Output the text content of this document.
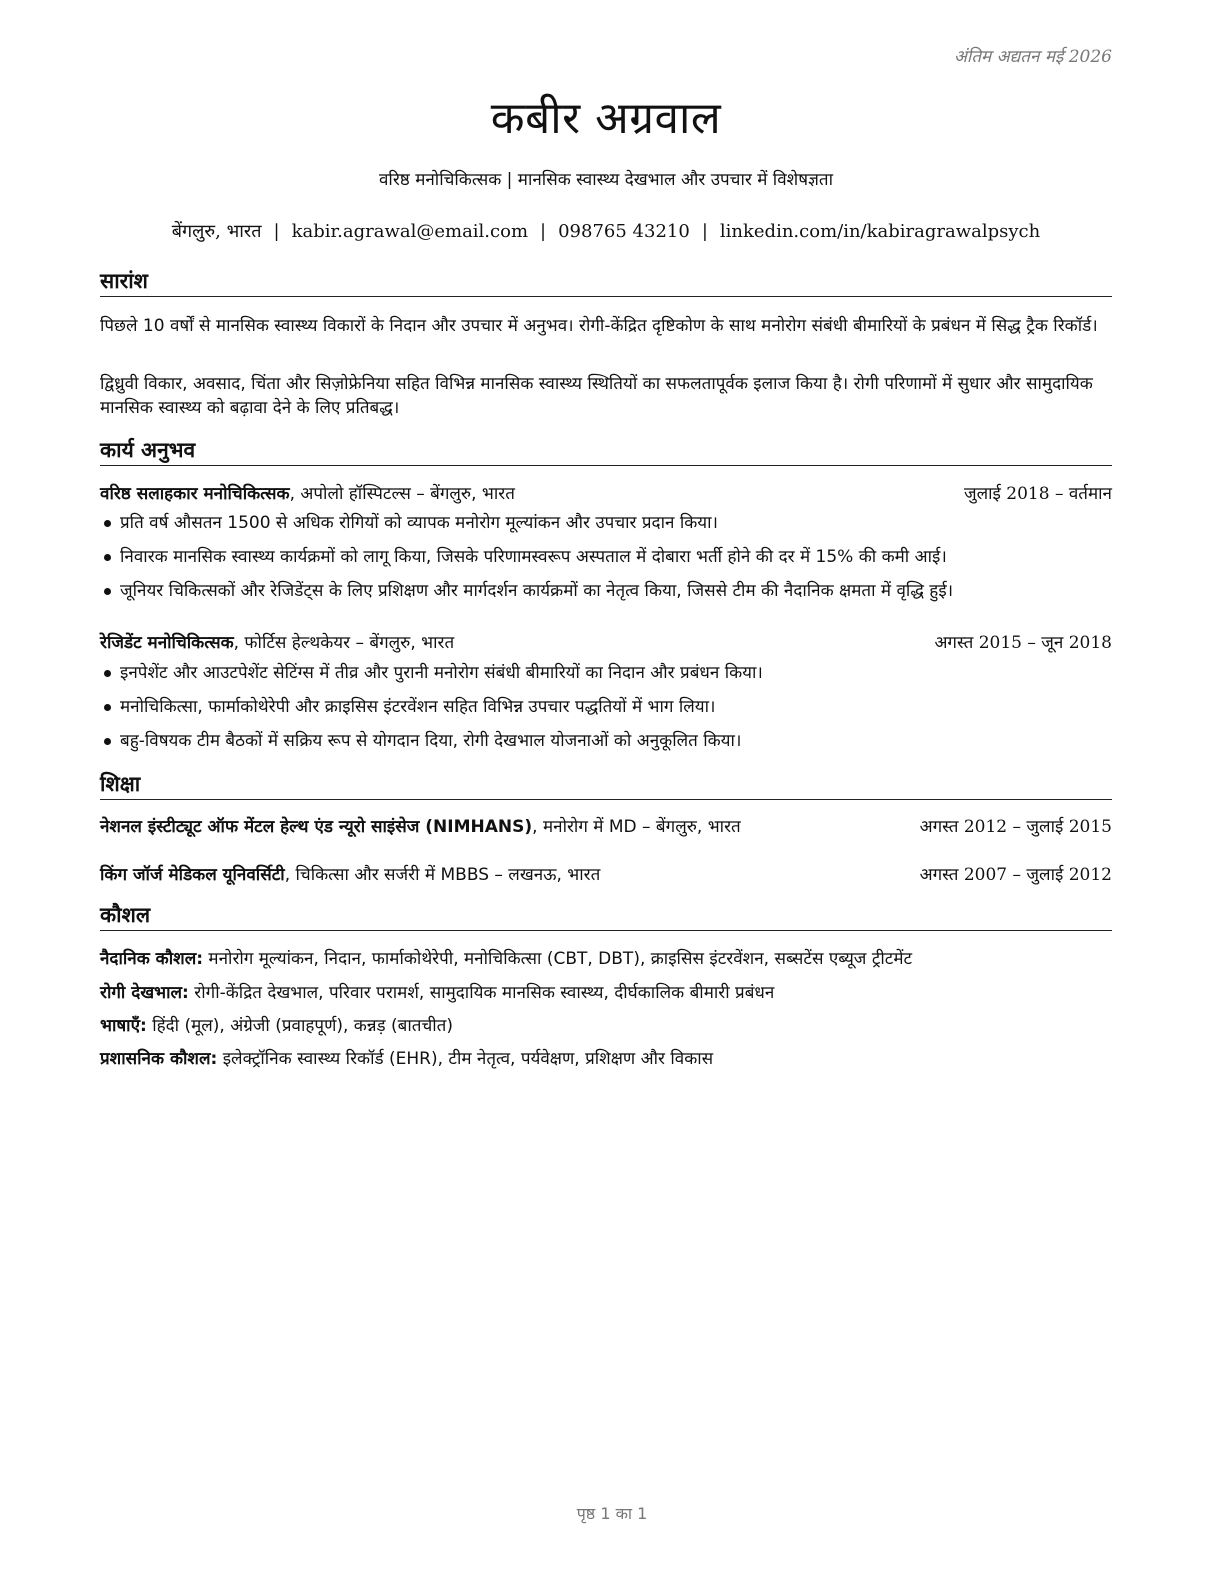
अंतिम अद्यतन मई 2026
कबीर अग्रवाल
वरिष्ठ मनोचिकित्सक | मानसिक स्वास्थ्य देखभाल और उपचार में विशेषज्ञता
बेंगलुरु, भारत | kabir.agrawal@email.com | 098765 43210 | linkedin.com/in/kabiragrawalpsych
सारांश
पिछले 10 वर्षों से मानसिक स्वास्थ्य विकारों के निदान और उपचार में अनुभव। रोगी-केंद्रित दृष्टिकोण के साथ मनोरोग संबंधी बीमारियों के प्रबंधन में सिद्ध ट्रैक रिकॉर्ड।
द्विध्रुवी विकार, अवसाद, चिंता और सिज़ोफ्रेनिया सहित विभिन्न मानसिक स्वास्थ्य स्थितियों का सफलतापूर्वक इलाज किया है। रोगी परिणामों में सुधार और सामुदायिक मानसिक स्वास्थ्य को बढ़ावा देने के लिए प्रतिबद्ध।
कार्य अनुभव
वरिष्ठ सलाहकार मनोचिकित्सक, अपोलो हॉस्पिटल्स – बेंगलुरु, भारत	जुलाई 2018 – वर्तमान
प्रति वर्ष औसतन 1500 से अधिक रोगियों को व्यापक मनोरोग मूल्यांकन और उपचार प्रदान किया।
निवारक मानसिक स्वास्थ्य कार्यक्रमों को लागू किया, जिसके परिणामस्वरूप अस्पताल में दोबारा भर्ती होने की दर में 15% की कमी आई।
जूनियर चिकित्सकों और रेजिडेंट्स के लिए प्रशिक्षण और मार्गदर्शन कार्यक्रमों का नेतृत्व किया, जिससे टीम की नैदानिक क्षमता में वृद्धि हुई।
रेजिडेंट मनोचिकित्सक, फोर्टिस हेल्थकेयर – बेंगलुरु, भारत	अगस्त 2015 – जून 2018
इनपेशेंट और आउटपेशेंट सेटिंग्स में तीव्र और पुरानी मनोरोग संबंधी बीमारियों का निदान और प्रबंधन किया।
मनोचिकित्सा, फार्माकोथेरेपी और क्राइसिस इंटरवेंशन सहित विभिन्न उपचार पद्धतियों में भाग लिया।
बहु-विषयक टीम बैठकों में सक्रिय रूप से योगदान दिया, रोगी देखभाल योजनाओं को अनुकूलित किया।
शिक्षा
नेशनल इंस्टीट्यूट ऑफ मेंटल हेल्थ एंड न्यूरो साइंसेज (NIMHANS), मनोरोग में MD – बेंगलुरु, भारत	अगस्त 2012 – जुलाई 2015
किंग जॉर्ज मेडिकल यूनिवर्सिटी, चिकित्सा और सर्जरी में MBBS – लखनऊ, भारत	अगस्त 2007 – जुलाई 2012
कौशल
नैदानिक कौशल: मनोरोग मूल्यांकन, निदान, फार्माकोथेरेपी, मनोचिकित्सा (CBT, DBT), क्राइसिस इंटरवेंशन, सब्सटेंस एब्यूज ट्रीटमेंट
रोगी देखभाल: रोगी-केंद्रित देखभाल, परिवार परामर्श, सामुदायिक मानसिक स्वास्थ्य, दीर्घकालिक बीमारी प्रबंधन
भाषाएँ: हिंदी (मूल), अंग्रेजी (प्रवाहपूर्ण), कन्नड़ (बातचीत)
प्रशासनिक कौशल: इलेक्ट्रॉनिक स्वास्थ्य रिकॉर्ड (EHR), टीम नेतृत्व, पर्यवेक्षण, प्रशिक्षण और विकास
पृष्ठ 1 का 1
